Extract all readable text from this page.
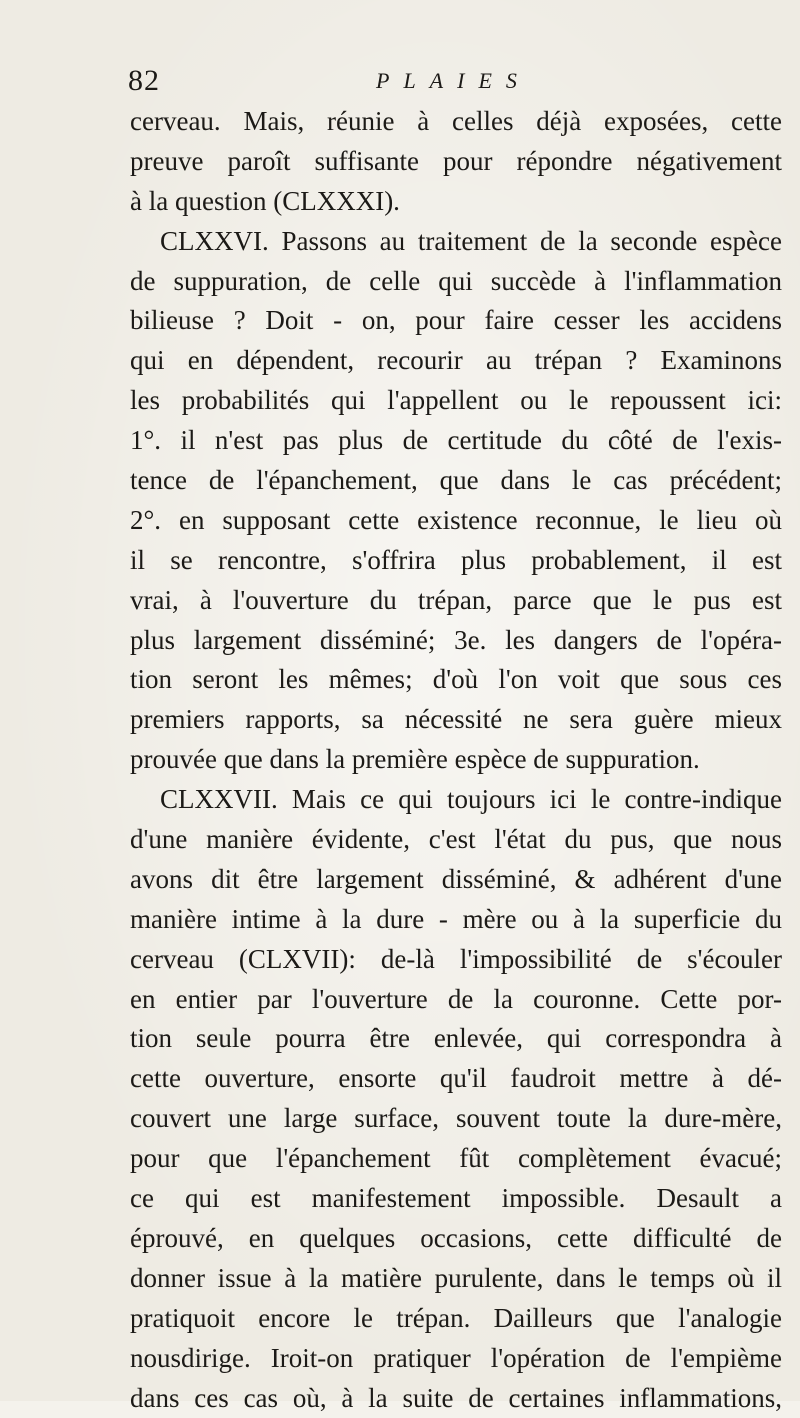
82	PLAIES
cerveau. Mais, réunie à celles déjà exposées, cette
preuve paroît suffisante pour répondre négativement
à la question (CLXXXI).
CLXXVI. Passons au traitement de la seconde espèce
de suppuration, de celle qui succède à l'inflammation
bilieuse ? Doit - on, pour faire cesser les accidens
qui en dépendent, recourir au trépan ? Examinons
les probabilités qui l'appellent ou le repoussent ici:
1°. il n'est pas plus de certitude du côté de l'exis-
tence de l'épanchement, que dans le cas précédent;
2°. en supposant cette existence reconnue, le lieu où
il se rencontre, s'offrira plus probablement, il est
vrai, à l'ouverture du trépan, parce que le pus est
plus largement disséminé; 3e. les dangers de l'opéra-
tion seront les mêmes; d'où l'on voit que sous ces
premiers rapports, sa nécessité ne sera guère mieux
prouvée que dans la première espèce de suppuration.
CLXXVII. Mais ce qui toujours ici le contre-indique
d'une manière évidente, c'est l'état du pus, que nous
avons dit être largement disséminé, & adhérent d'une
manière intime à la dure - mère ou à la superficie du
cerveau (CLXVII): de-là l'impossibilité de s'écouler
en entier par l'ouverture de la couronne. Cette por-
tion seule pourra être enlevée, qui correspondra à
cette ouverture, ensorte qu'il faudroit mettre à dé-
couvert une large surface, souvent toute la dure-mère,
pour que l'épanchement fût complètement évacué;
ce qui est manifestement impossible. Desault a
éprouvé, en quelques occasions, cette difficulté de
donner issue à la matière purulente, dans le temps où il
pratiquoit encore le trépan. Dailleurs que l'analogie
nousdirige. Iroit-on pratiquer l'opération de l'empième
dans ces cas où, à la suite de certaines inflammations,
